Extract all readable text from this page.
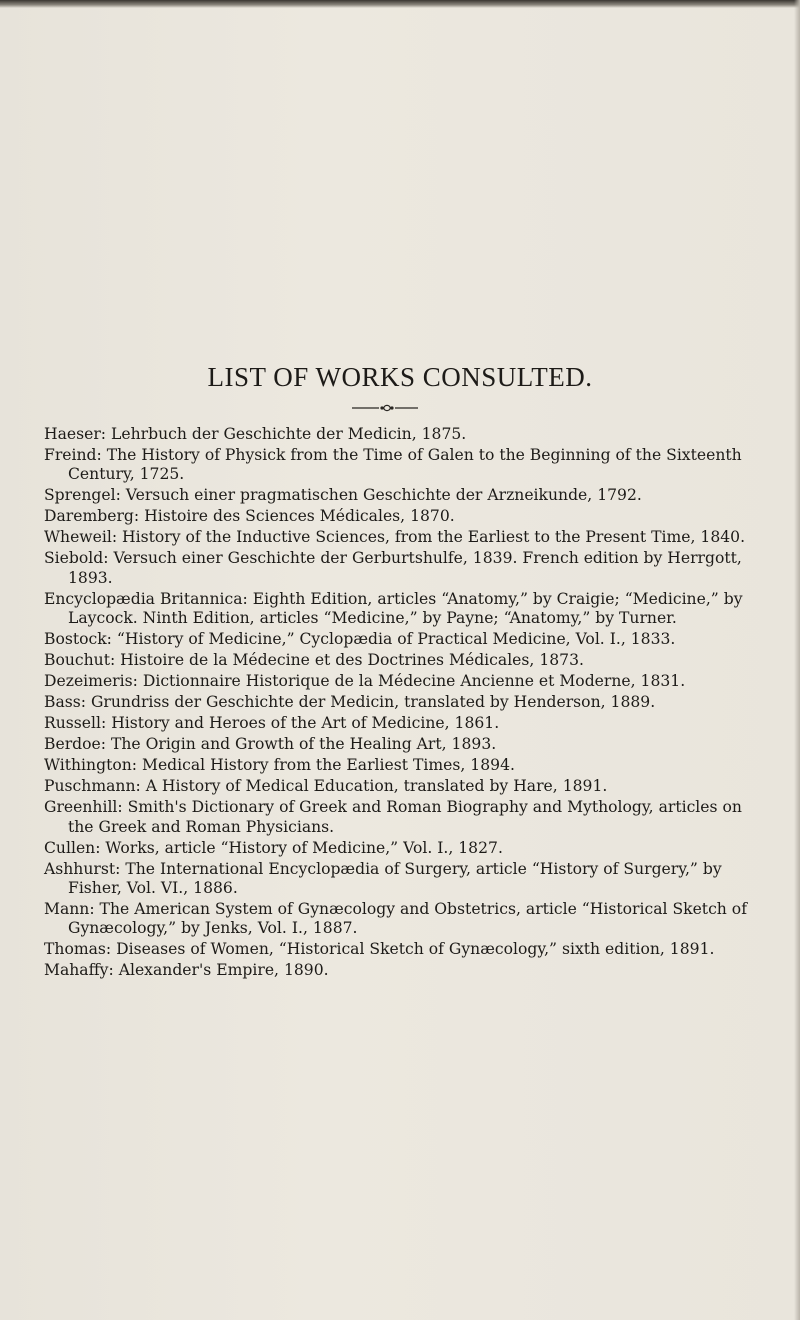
LIST OF WORKS CONSULTED.
Haeser: Lehrbuch der Geschichte der Medicin, 1875.
Freind: The History of Physick from the Time of Galen to the Beginning of the Sixteenth Century, 1725.
Sprengel: Versuch einer pragmatischen Geschichte der Arzneikunde, 1792.
Daremberg: Histoire des Sciences Médicales, 1870.
Wheweil: History of the Inductive Sciences, from the Earliest to the Present Time, 1840.
Siebold: Versuch einer Geschichte der Gerburtshulfe, 1839. French edition by Herrgott, 1893.
Encyclopædia Britannica: Eighth Edition, articles “Anatomy,” by Craigie; “Medicine,” by Laycock. Ninth Edition, articles “Medicine,” by Payne; “Anatomy,” by Turner.
Bostock: “History of Medicine,” Cyclopædia of Practical Medicine, Vol. I., 1833.
Bouchut: Histoire de la Médecine et des Doctrines Médicales, 1873.
Dezeimeris: Dictionnaire Historique de la Médecine Ancienne et Moderne, 1831.
Bass: Grundriss der Geschichte der Medicin, translated by Henderson, 1889.
Russell: History and Heroes of the Art of Medicine, 1861.
Berdoe: The Origin and Growth of the Healing Art, 1893.
Withington: Medical History from the Earliest Times, 1894.
Puschmann: A History of Medical Education, translated by Hare, 1891.
Greenhill: Smith's Dictionary of Greek and Roman Biography and Mythology, articles on the Greek and Roman Physicians.
Cullen: Works, article “History of Medicine,” Vol. I., 1827.
Ashhurst: The International Encyclopædia of Surgery, article “History of Surgery,” by Fisher, Vol. VI., 1886.
Mann: The American System of Gynæcology and Obstetrics, article “Historical Sketch of Gynæcology,” by Jenks, Vol. I., 1887.
Thomas: Diseases of Women, “Historical Sketch of Gynæcology,” sixth edition, 1891.
Mahaffy: Alexander's Empire, 1890.
